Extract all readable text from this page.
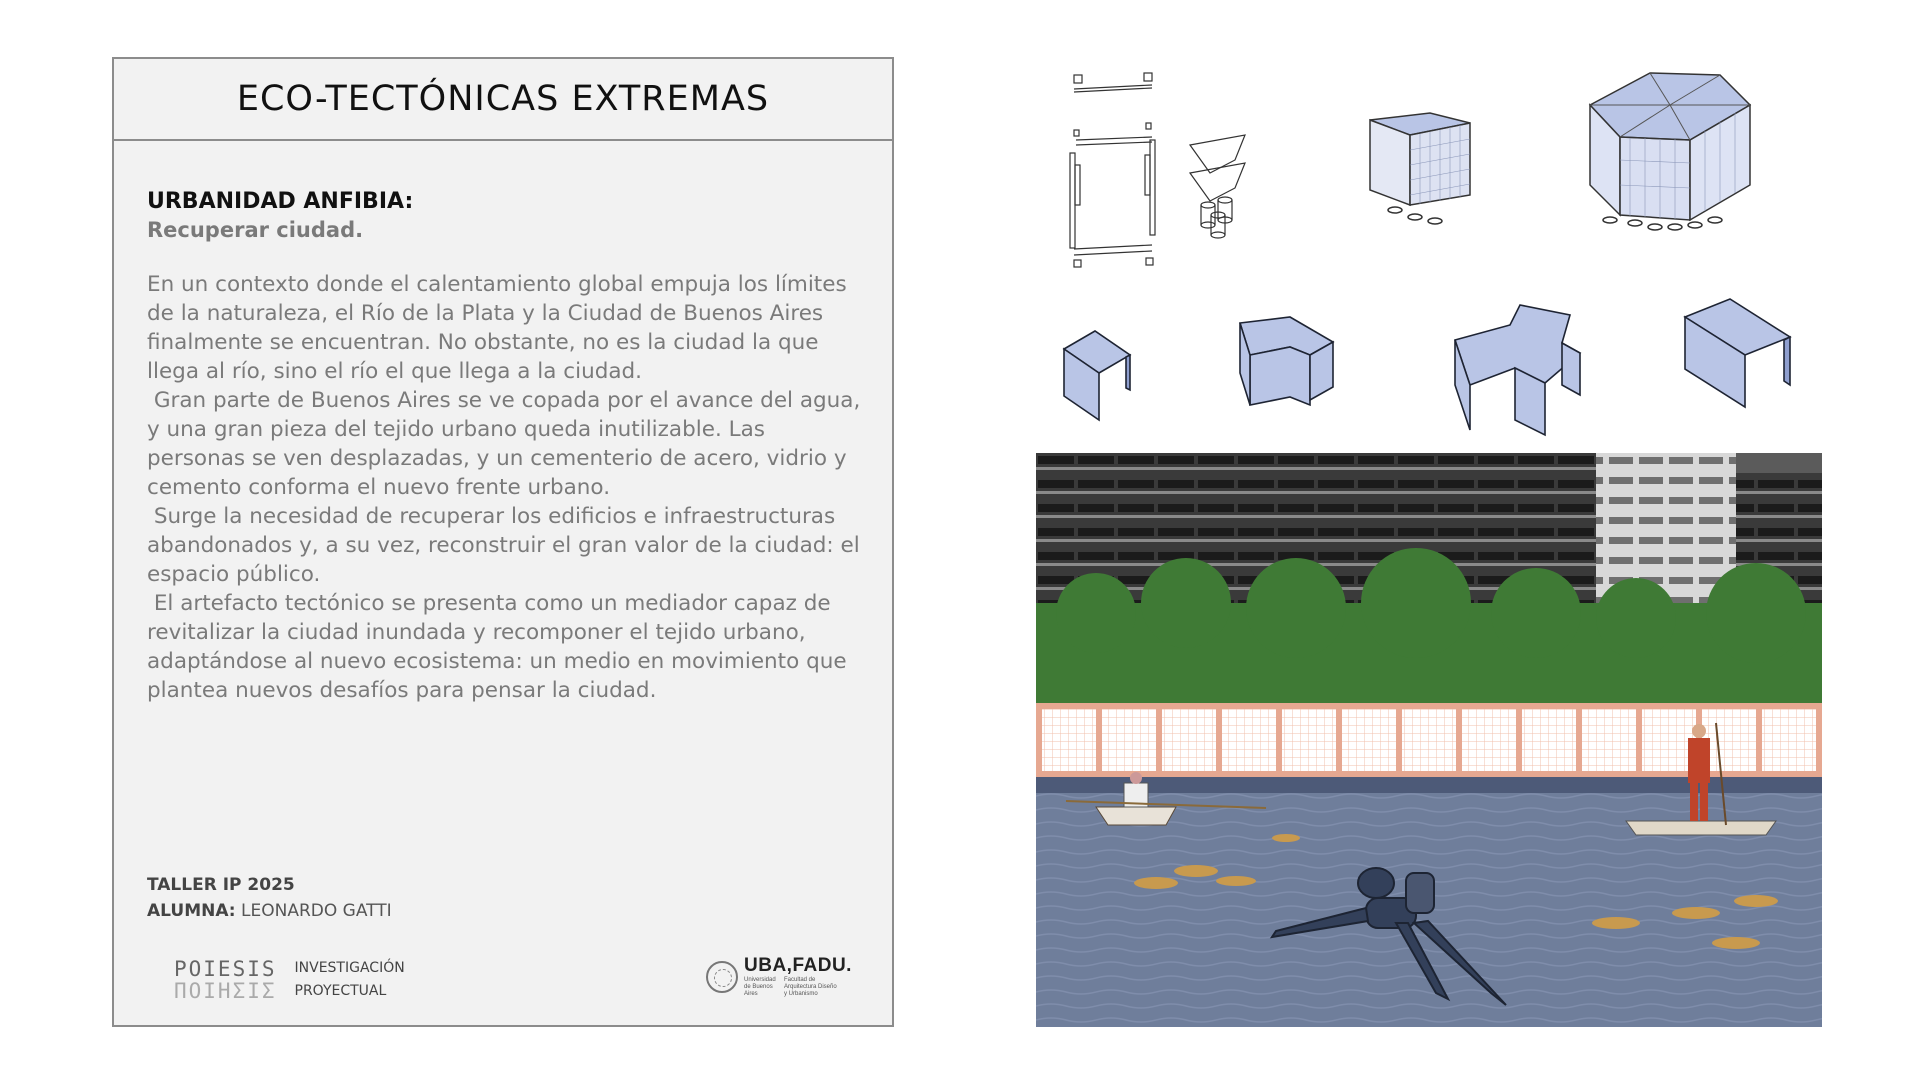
ECO-TECTÓNICAS EXTREMAS

URBANIDAD ANFIBIA:

Recuperar ciudad.

En un contexto donde el calentamiento global empuja los límites de la naturaleza, el Río de la Plata y la Ciudad de Buenos Aires finalmente se encuentran. No obstante, no es la ciudad la que llega al río, sino el río el que llega a la ciudad.

Gran parte de Buenos Aires se ve copada por el avance del agua, y una gran pieza del tejido urbano queda inutilizable. Las personas se ven desplazadas, y un cementerio de acero, vidrio y cemento conforma el nuevo frente urbano.

Surge la necesidad de recuperar los edificios e infraestructuras abandonados y, a su vez, reconstruir el gran valor de la ciudad: el espacio público.

El artefacto tectónico se presenta como un mediador capaz de revitalizar la ciudad inundada y recomponer el tejido urbano, adaptándose al nuevo ecosistema: un medio en movimiento que plantea nuevos desafíos para pensar la ciudad.

TALLER IP 2025
ALUMNA: LEONARDO GATTI
POIESIS
ΠOIHΣIΣ
INVESTIGACIÓN
PROYECTUAL
UBA,FADU.
Universidad de Buenos Aires
Facultad de Arquitectura Diseño y Urbanismo
